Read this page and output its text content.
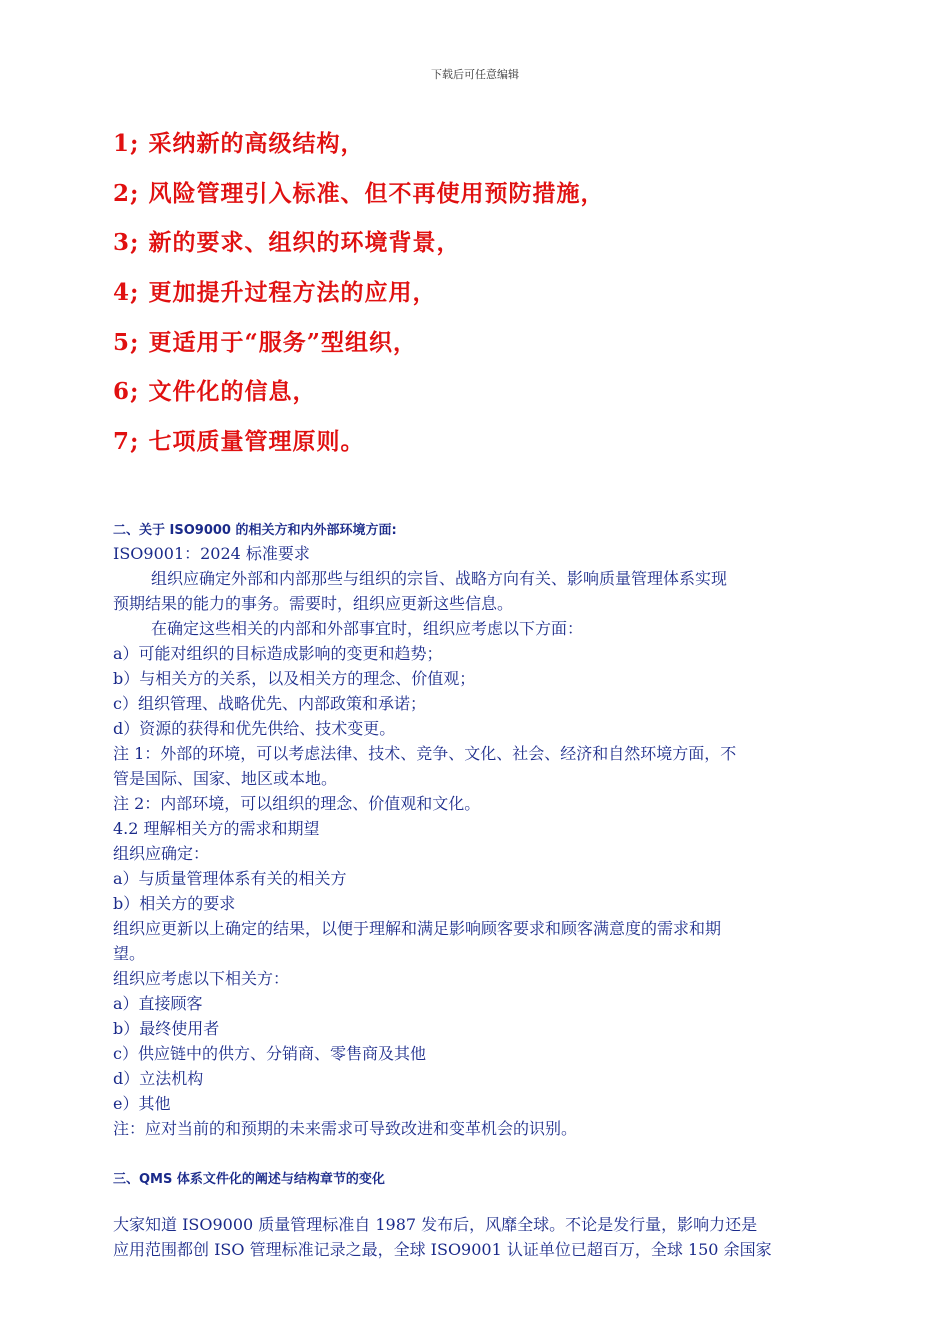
下载后可任意编辑
1; 采纳新的高级结构，
2; 风险管理引入标准、但不再使用预防措施，
3; 新的要求、组织的环境背景，
4; 更加提升过程方法的应用，
5; 更适用于“服务”型组织，
6; 文件化的信息，
7; 七项质量管理原则。
二、关于 ISO9000 的相关方和内外部环境方面:
ISO9001：2024 标准要求
组织应确定外部和内部那些与组织的宗旨、战略方向有关、影响质量管理体系实现
预期结果的能力的事务。需要时，组织应更新这些信息。
在确定这些相关的内部和外部事宜时，组织应考虑以下方面：
a）可能对组织的目标造成影响的变更和趋势；
b）与相关方的关系，以及相关方的理念、价值观；
c）组织管理、战略优先、内部政策和承诺；
d）资源的获得和优先供给、技术变更。
注 1：外部的环境，可以考虑法律、技术、竞争、文化、社会、经济和自然环境方面，不
管是国际、国家、地区或本地。
注 2：内部环境，可以组织的理念、价值观和文化。
4.2 理解相关方的需求和期望
组织应确定：
a）与质量管理体系有关的相关方
b）相关方的要求
组织应更新以上确定的结果，以便于理解和满足影响顾客要求和顾客满意度的需求和期
望。
组织应考虑以下相关方：
a）直接顾客
b）最终使用者
c）供应链中的供方、分销商、零售商及其他
d）立法机构
e）其他
注：应对当前的和预期的未来需求可导致改进和变革机会的识别。
三、QMS 体系文件化的阐述与结构章节的变化
大家知道 ISO9000 质量管理标准自 1987 发布后，风靡全球。不论是发行量，影响力还是
应用范围都创 ISO 管理标准记录之最，全球 ISO9001 认证单位已超百万，全球 150 余国家
